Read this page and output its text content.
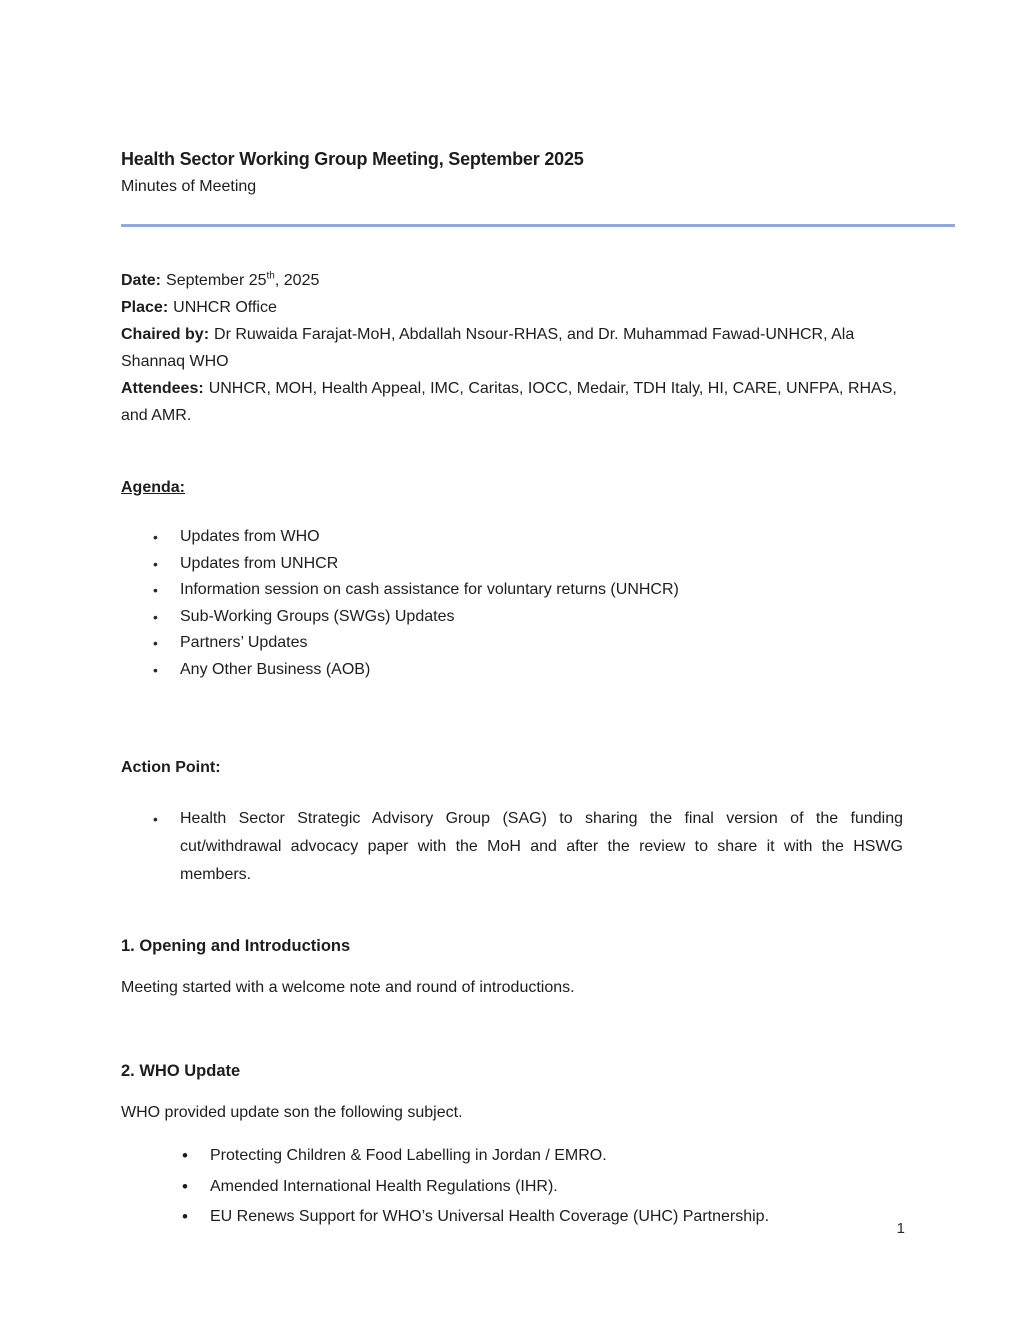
Health Sector Working Group Meeting, September 2025
Minutes of Meeting

Date: September 25th, 2025

Place: UNHCR Office

Chaired by: Dr Ruwaida Farajat-MoH, Abdallah Nsour-RHAS, and Dr. Muhammad Fawad-UNHCR, Ala Shannaq WHO

Attendees: UNHCR, MOH, Health Appeal, IMC, Caritas, IOCC, Medair, TDH Italy, HI, CARE, UNFPA, RHAS, and AMR.

Agenda:
• Updates from WHO
• Updates from UNHCR
• Information session on cash assistance for voluntary returns (UNHCR)
• Sub-Working Groups (SWGs) Updates
• Partners’ Updates
• Any Other Business (AOB)
Action Point:
• Health Sector Strategic Advisory Group (SAG) to sharing the final version of the funding cut/withdrawal advocacy paper with the MoH and after the review to share it with the HSWG members.
1. Opening and Introductions
Meeting started with a welcome note and round of introductions.
2. WHO Update
WHO provided update son the following subject.
• Protecting Children & Food Labelling in Jordan / EMRO.
• Amended International Health Regulations (IHR).
• EU Renews Support for WHO’s Universal Health Coverage (UHC) Partnership.
1
